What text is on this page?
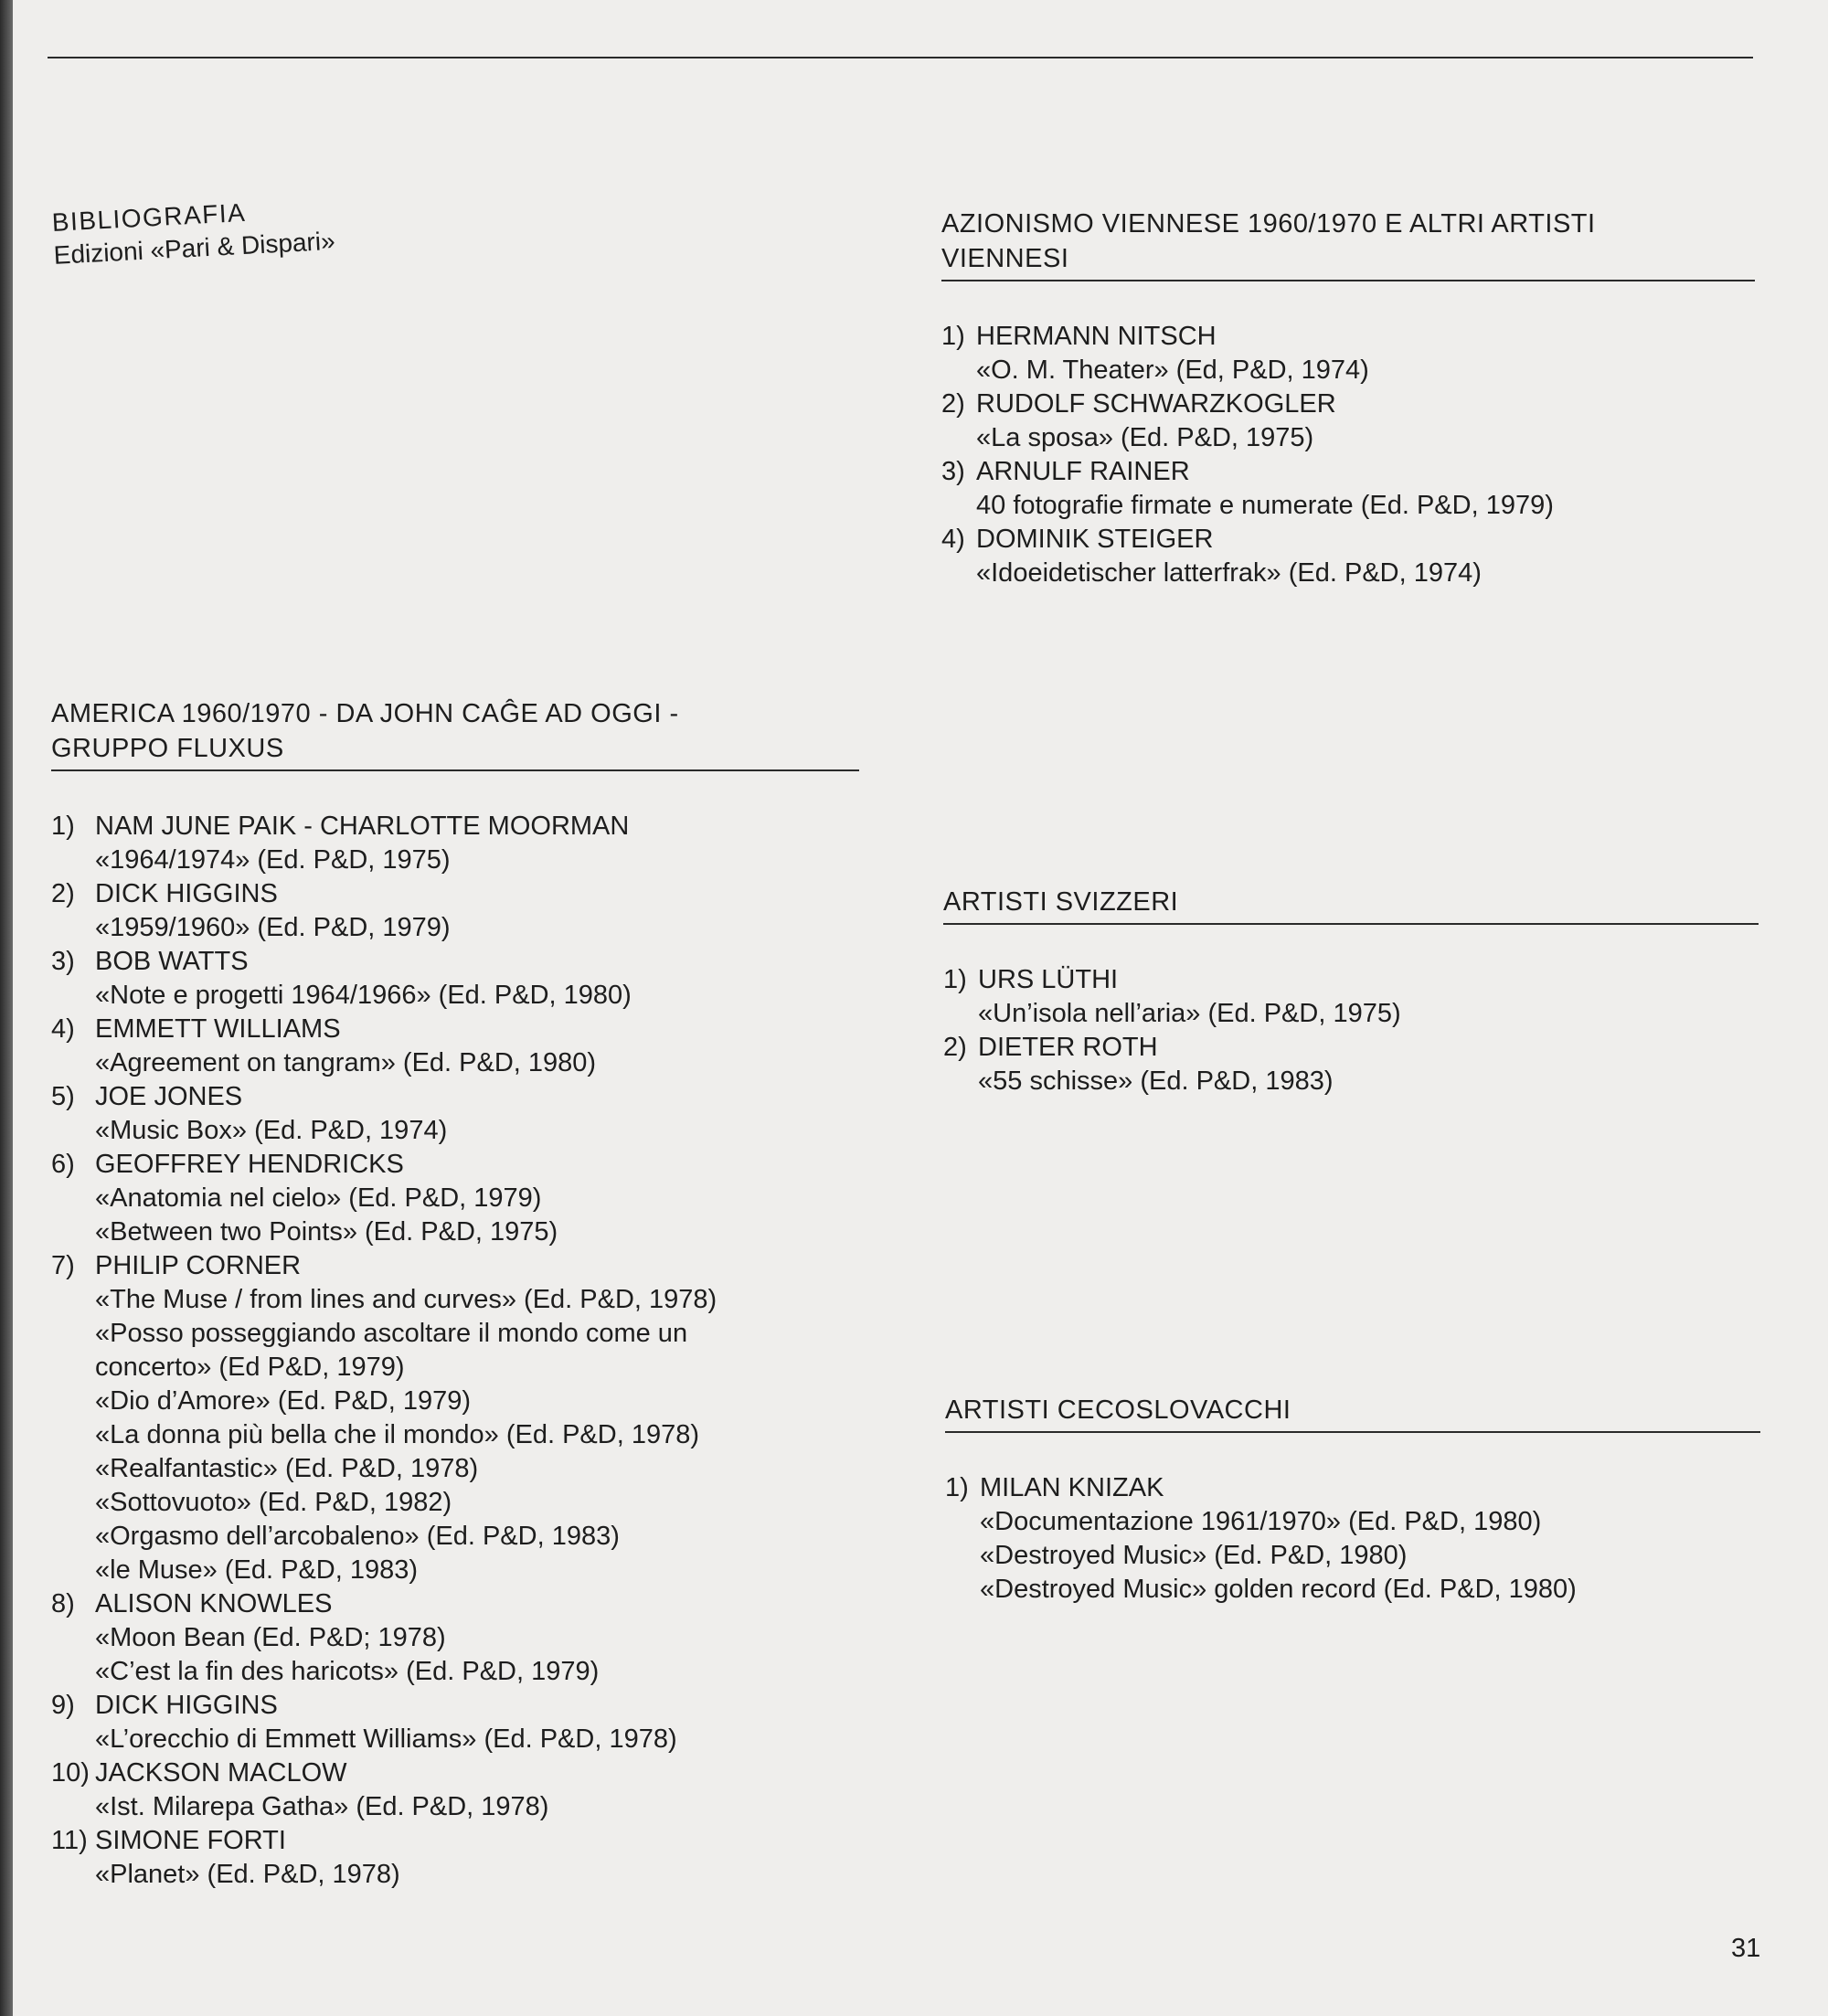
BIBLIOGRAFIA
Edizioni «Pari & Dispari»
AMERICA 1960/1970 - DA JOHN CAĜE AD OGGI -
GRUPPO FLUXUS
1) NAM JUNE PAIK - CHARLOTTE MOORMAN
«1964/1974» (Ed. P&D, 1975)
2) DICK HIGGINS
«1959/1960» (Ed. P&D, 1979)
3) BOB WATTS
«Note e progetti 1964/1966» (Ed. P&D, 1980)
4) EMMETT WILLIAMS
«Agreement on tangram» (Ed. P&D, 1980)
5) JOE JONES
«Music Box» (Ed. P&D, 1974)
6) GEOFFREY HENDRICKS
«Anatomia nel cielo» (Ed. P&D, 1979)
«Between two Points» (Ed. P&D, 1975)
7) PHILIP CORNER
«The Muse / from lines and curves» (Ed. P&D, 1978)
«Posso posseggiando ascoltare il mondo come un
concerto» (Ed P&D, 1979)
«Dio d’Amore» (Ed. P&D, 1979)
«La donna più bella che il mondo» (Ed. P&D, 1978)
«Realfantastic» (Ed. P&D, 1978)
«Sottovuoto» (Ed. P&D, 1982)
«Orgasmo dell’arcobaleno» (Ed. P&D, 1983)
«le Muse» (Ed. P&D, 1983)
8) ALISON KNOWLES
«Moon Bean (Ed. P&D; 1978)
«C’est la fin des haricots» (Ed. P&D, 1979)
9) DICK HIGGINS
«L’orecchio di Emmett Williams» (Ed. P&D, 1978)
10) JACKSON MACLOW
«Ist. Milarepa Gatha» (Ed. P&D, 1978)
11) SIMONE FORTI
«Planet» (Ed. P&D, 1978)
AZIONISMO VIENNESE 1960/1970 E ALTRI ARTISTI
VIENNESI
1) HERMANN NITSCH
«O. M. Theater» (Ed, P&D, 1974)
2) RUDOLF SCHWARZKOGLER
«La sposa» (Ed. P&D, 1975)
3) ARNULF RAINER
40 fotografie firmate e numerate (Ed. P&D, 1979)
4) DOMINIK STEIGER
«Idoeidetischer latterfrak» (Ed. P&D, 1974)
ARTISTI SVIZZERI
1) URS LÜTHI
«Un’isola nell’aria» (Ed. P&D, 1975)
2) DIETER ROTH
«55 schisse» (Ed. P&D, 1983)
ARTISTI CECOSLOVACCHI
1) MILAN KNIZAK
«Documentazione 1961/1970» (Ed. P&D, 1980)
«Destroyed Music» (Ed. P&D, 1980)
«Destroyed Music» golden record (Ed. P&D, 1980)
31
